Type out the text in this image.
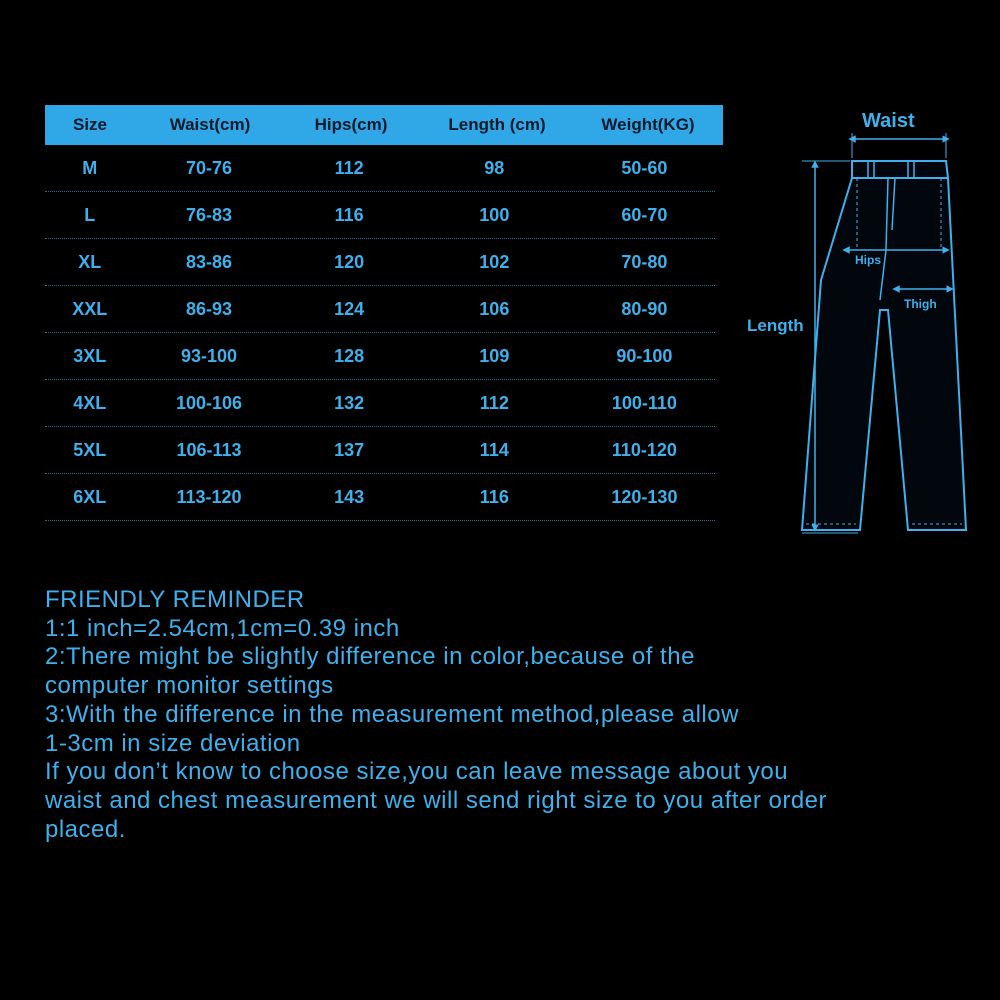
Size	Waist(cm)	Hips(cm)	Length (cm)	Weight(KG)
M	70-76	112	98	50-60
L	76-83	116	100	60-70
XL	83-86	120	102	70-80
XXL	86-93	124	106	80-90
3XL	93-100	128	109	90-100
4XL	100-106	132	112	100-110
5XL	106-113	137	114	110-120
6XL	113-120	143	116	120-130
Waist
Length
Hips
Thigh
FRIENDLY REMINDER
1:1 inch=2.54cm,1cm=0.39 inch
2:There might be slightly difference in color,because of the
computer monitor settings
3:With the difference in the measurement method,please allow
1-3cm in size deviation
If you don’t know to choose size,you can leave message about you
waist and chest measurement we will send right size to you after order
placed.
